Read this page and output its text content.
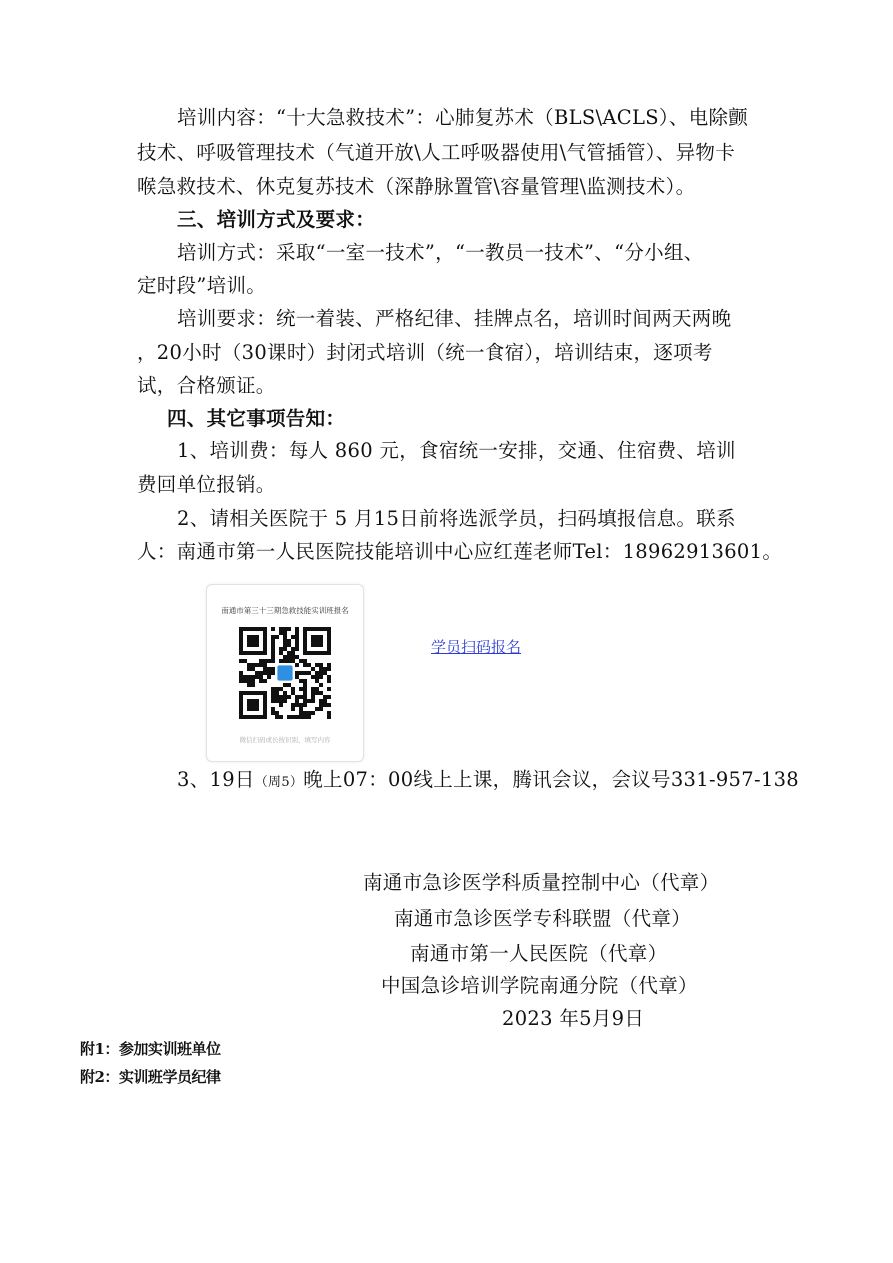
培训内容：“十大急救技术”：心肺复苏术（BLS\ACLS）、电除颤
技术、呼吸管理技术（气道开放\人工呼吸器使用\气管插管）、异物卡
喉急救技术、休克复苏技术（深静脉置管\容量管理\监测技术）。
三、培训方式及要求：
培训方式：采取“一室一技术”，“一教员一技术”、“分小组、
定时段”培训。
培训要求：统一着装、严格纪律、挂牌点名，培训时间两天两晚
，20小时（30课时）封闭式培训（统一食宿），培训结束，逐项考
试，合格颁证。
四、其它事项告知：
1、培训费：每人 860 元，食宿统一安排，交通、住宿费、培训
费回单位报销。
2、请相关医院于 5 月15日前将选派学员，扫码填报信息。联系
人：南通市第一人民医院技能培训中心应红莲老师Tel：18962913601。
南通市第三十三期急救技能实训班报名
微信扫码或长按识别，填写内容
学员扫码报名
3、19日（周5）晚上07：00线上上课，腾讯会议，会议号331-957-138
南通市急诊医学科质量控制中心（代章）
南通市急诊医学专科联盟（代章）
南通市第一人民医院（代章）
中国急诊培训学院南通分院（代章）
2023 年5月9日
附1：参加实训班单位
附2：实训班学员纪律
